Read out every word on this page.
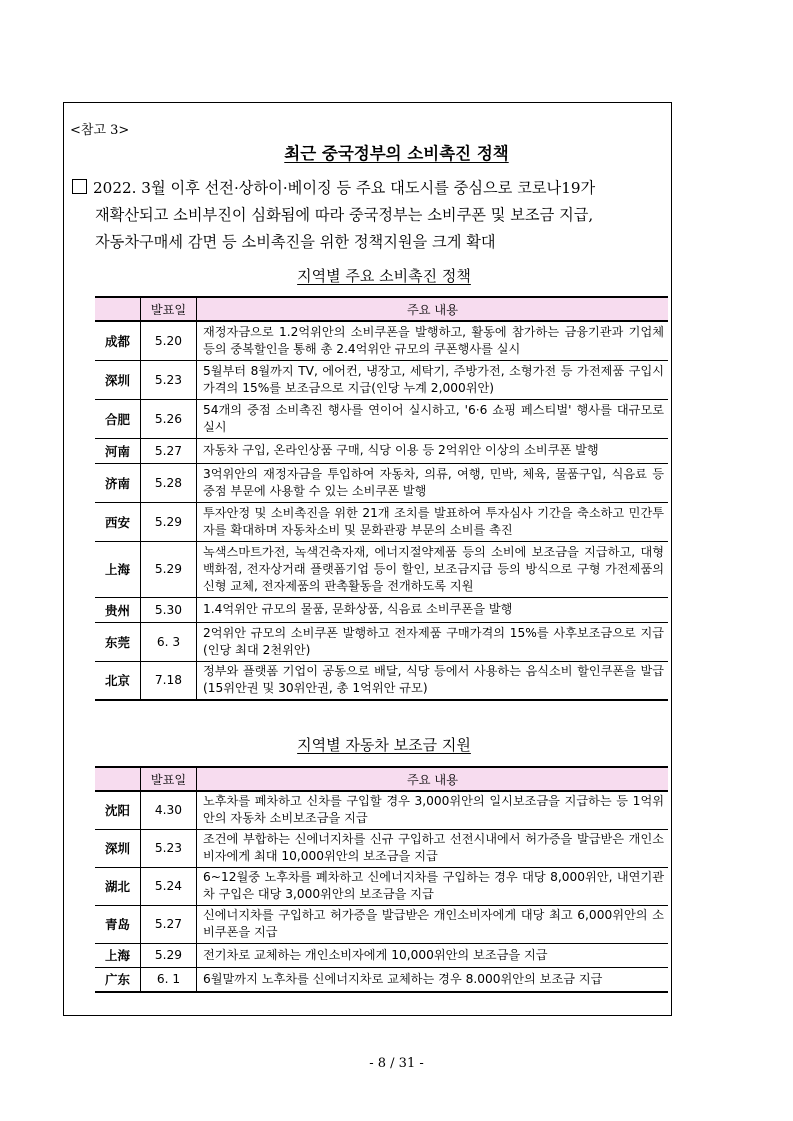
<참고 3>
최근 중국정부의 소비촉진 정책
2022. 3월 이후 선전·상하이·베이징 등 주요 대도시를 중심으로 코로나19가
재확산되고 소비부진이 심화됨에 따라 중국정부는 소비쿠폰 및 보조금 지급,
자동차구매세 감면 등 소비촉진을 위한 정책지원을 크게 확대
지역별 주요 소비촉진 정책
	발표일	주요 내용
成都	5.20	재정자금으로 1.2억위안의 소비쿠폰을 발행하고, 활동에 참가하는 금융기관과 기업체 등의 중복할인을 통해 총 2.4억위안 규모의 쿠폰행사를 실시
深圳	5.23	5월부터 8월까지 TV, 에어컨, 냉장고, 세탁기, 주방가전, 소형가전 등 가전제품 구입시 가격의 15%를 보조금으로 지급(인당 누계 2,000위안)
合肥	5.26	54개의 중점 소비촉진 행사를 연이어 실시하고, '6·6 쇼핑 페스티벌' 행사를 대규모로 실시
河南	5.27	자동차 구입, 온라인상품 구매, 식당 이용 등 2억위안 이상의 소비쿠폰 발행
济南	5.28	3억위안의 재정자금을 투입하여 자동차, 의류, 여행, 민박, 체육, 물품구입, 식음료 등 중점 부문에 사용할 수 있는 소비쿠폰 발행
西安	5.29	투자안정 및 소비촉진을 위한 21개 조치를 발표하여 투자심사 기간을 축소하고 민간투자를 확대하며 자동차소비 및 문화관광 부문의 소비를 촉진
上海	5.29	녹색스마트가전, 녹색건축자재, 에너지절약제품 등의 소비에 보조금을 지급하고, 대형백화점, 전자상거래 플랫폼기업 등이 할인, 보조금지급 등의 방식으로 구형 가전제품의 신형 교체, 전자제품의 판촉활동을 전개하도록 지원
贵州	5.30	1.4억위안 규모의 물품, 문화상품, 식음료 소비쿠폰을 발행
东莞	6. 3	2억위안 규모의 소비쿠폰 발행하고 전자제품 구매가격의 15%를 사후보조금으로 지급(인당 최대 2천위안)
北京	7.18	정부와 플랫폼 기업이 공동으로 배달, 식당 등에서 사용하는 음식소비 할인쿠폰을 발급(15위안권 및 30위안권, 총 1억위안 규모)
지역별 자동차 보조금 지원
	발표일	주요 내용
沈阳	4.30	노후차를 폐차하고 신차를 구입할 경우 3,000위안의 일시보조금을 지급하는 등 1억위안의 자동차 소비보조금을 지급
深圳	5.23	조건에 부합하는 신에너지차를 신규 구입하고 선전시내에서 허가증을 발급받은 개인소비자에게 최대 10,000위안의 보조금을 지급
湖北	5.24	6~12월중 노후차를 폐차하고 신에너지차를 구입하는 경우 대당 8,000위안, 내연기관차 구입은 대당 3,000위안의 보조금을 지급
青岛	5.27	신에너지차를 구입하고 허가증을 발급받은 개인소비자에게 대당 최고 6,000위안의 소비쿠폰을 지급
上海	5.29	전기차로 교체하는 개인소비자에게 10,000위안의 보조금을 지급
广东	6. 1	6월말까지 노후차를 신에너지차로 교체하는 경우 8.000위안의 보조금 지급
- 8 / 31 -
